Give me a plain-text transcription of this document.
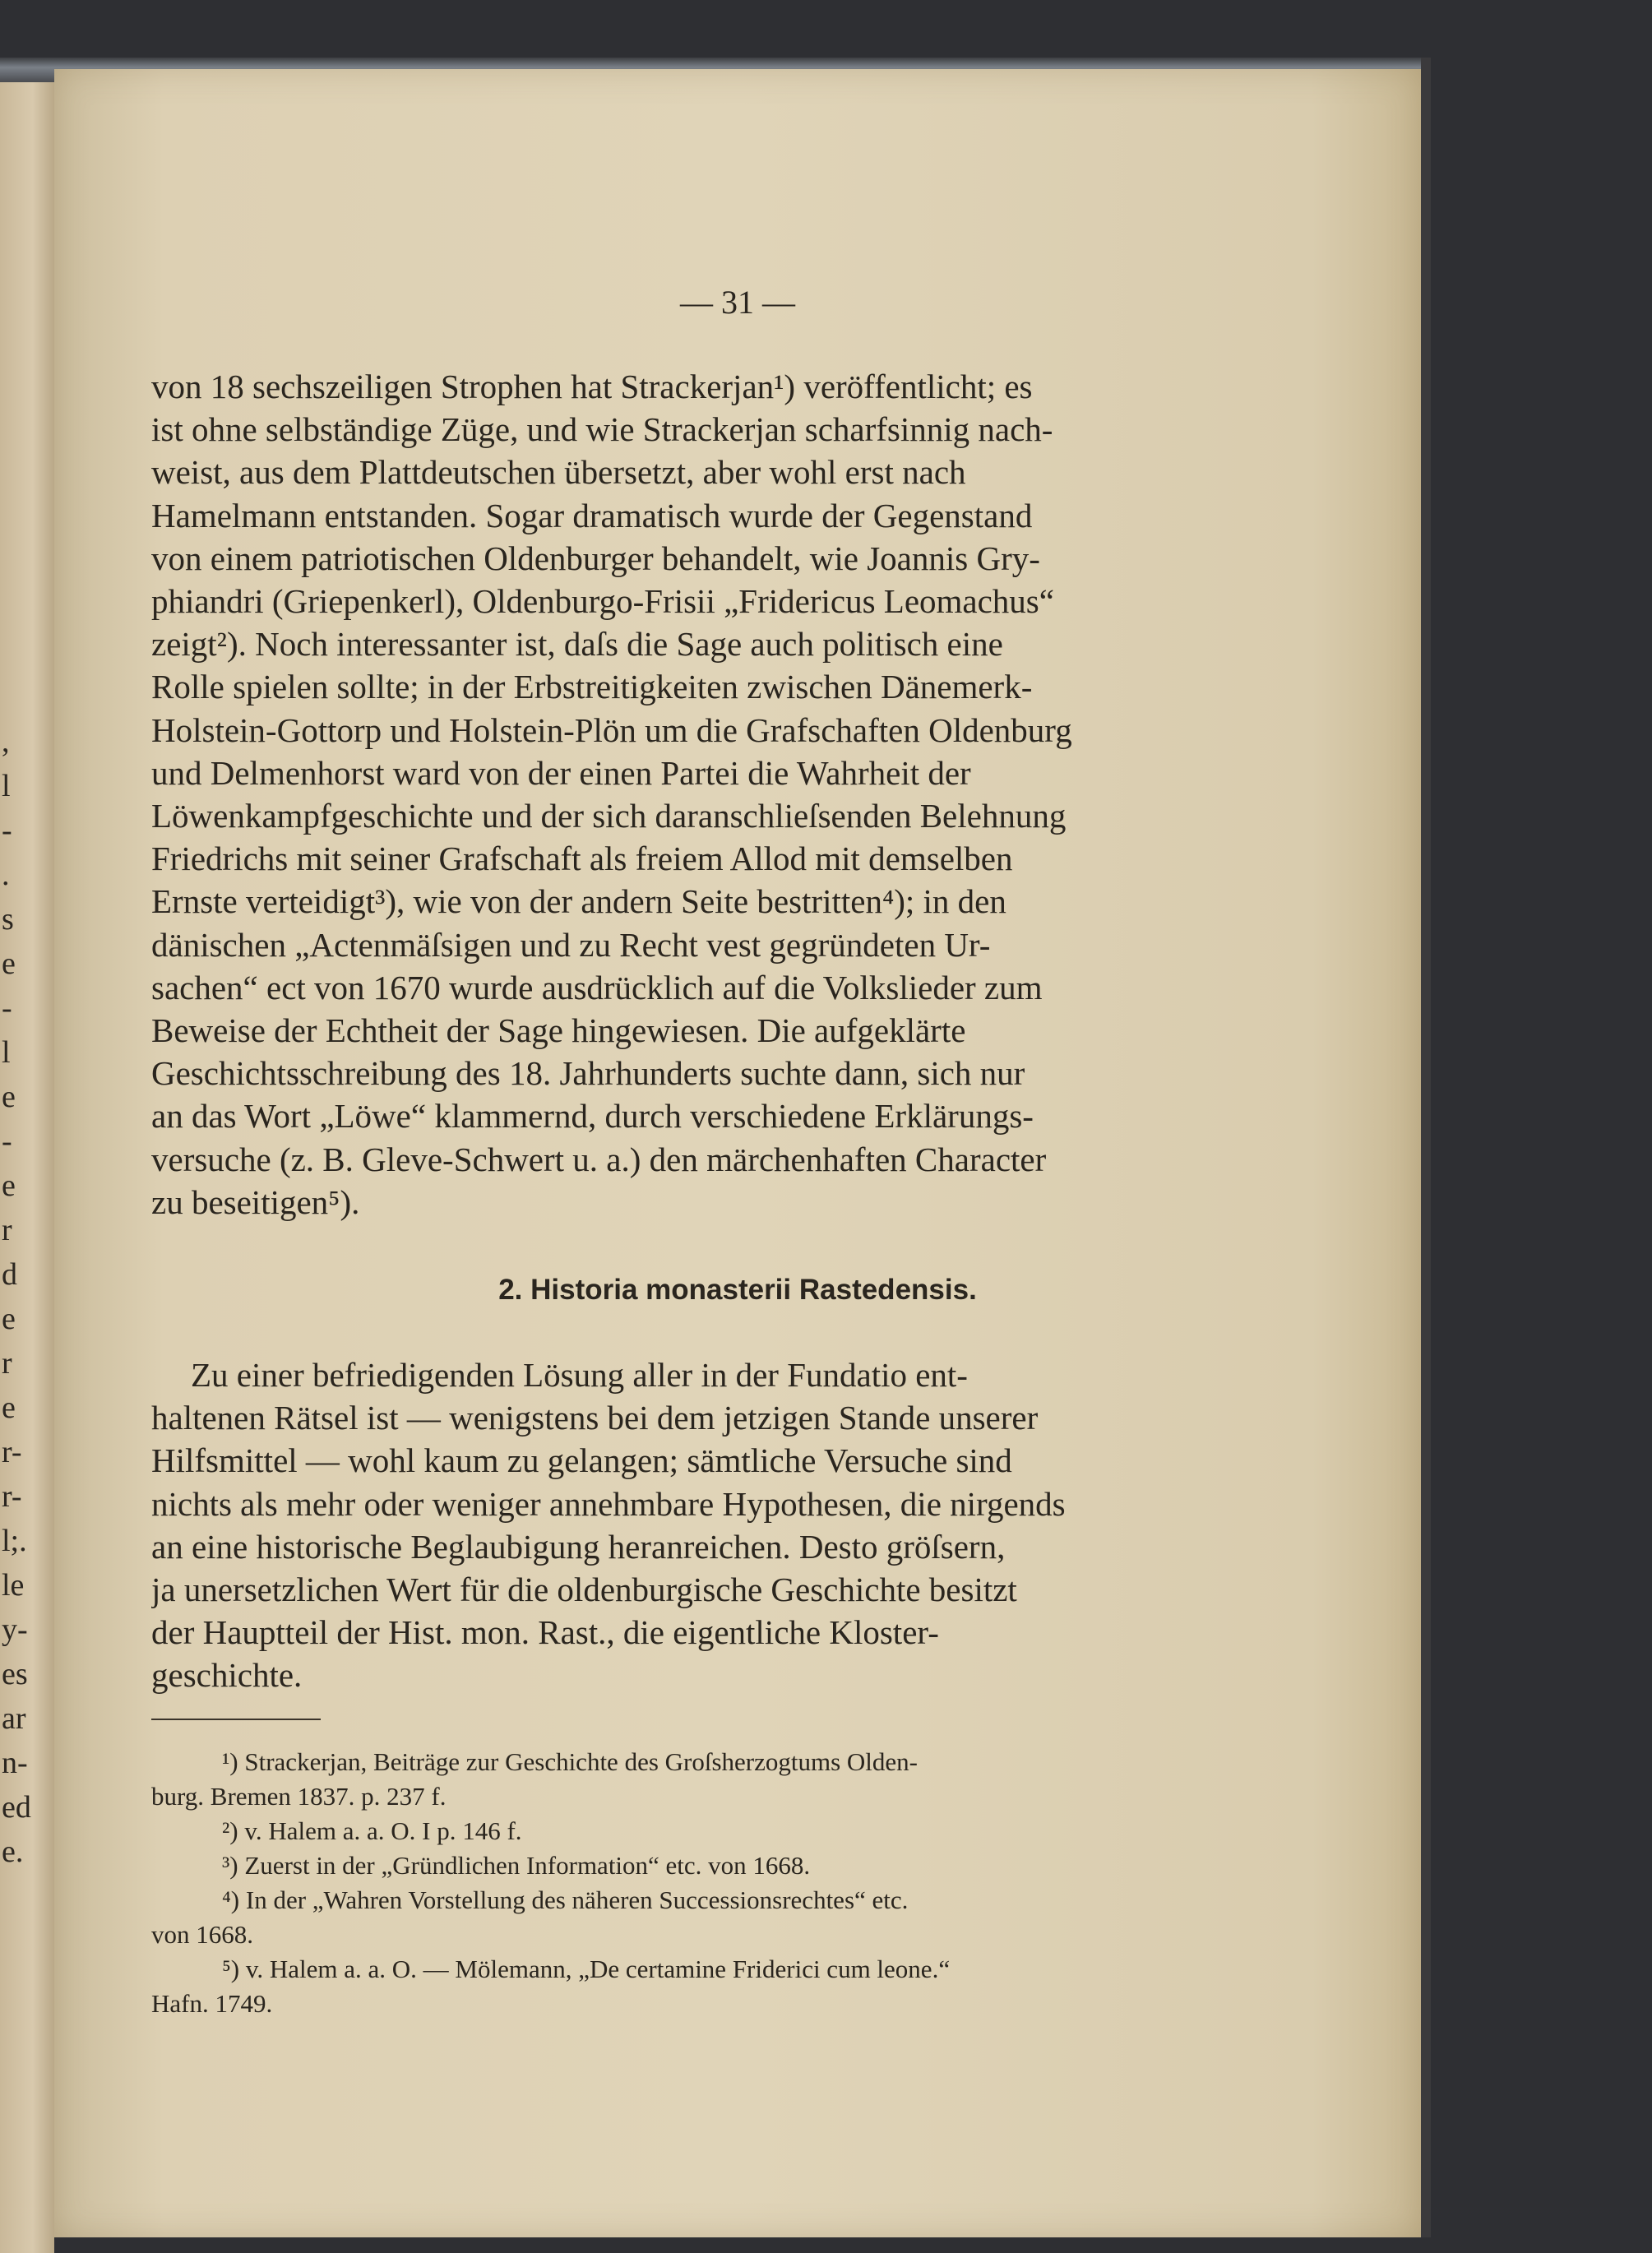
,
l
-
.
s
e
-
l
e
-
e
r
d
e
r
e
r-
r-
l;.
le
y-
es
ar
n-
ed
e.
— 31 —
von 18 sechszeiligen Strophen hat Strackerjan¹) veröffentlicht; es
ist ohne selbständige Züge, und wie Strackerjan scharfsinnig nach-
weist, aus dem Plattdeutschen übersetzt, aber wohl erst nach
Hamelmann entstanden. Sogar dramatisch wurde der Gegenstand
von einem patriotischen Oldenburger behandelt, wie Joannis Gry-
phiandri (Griepenkerl), Oldenburgo-Frisii „Fridericus Leomachus“
zeigt²). Noch interessanter ist, daſs die Sage auch politisch eine
Rolle spielen sollte; in der Erbstreitigkeiten zwischen Dänemerk-
Holstein-Gottorp und Holstein-Plön um die Grafschaften Oldenburg
und Delmenhorst ward von der einen Partei die Wahrheit der
Löwenkampfgeschichte und der sich daranschlieſsenden Belehnung
Friedrichs mit seiner Grafschaft als freiem Allod mit demselben
Ernste verteidigt³), wie von der andern Seite bestritten⁴); in den
dänischen „Actenmäſsigen und zu Recht vest gegründeten Ur-
sachen“ ect von 1670 wurde ausdrücklich auf die Volkslieder zum
Beweise der Echtheit der Sage hingewiesen. Die aufgeklärte
Geschichtsschreibung des 18. Jahrhunderts suchte dann, sich nur
an das Wort „Löwe“ klammernd, durch verschiedene Erklärungs-
versuche (z. B. Gleve-Schwert u. a.) den märchenhaften Character
zu beseitigen⁵).
2. Historia monasterii Rastedensis.
Zu einer befriedigenden Lösung aller in der Fundatio ent-
haltenen Rätsel ist — wenigstens bei dem jetzigen Stande unserer
Hilfsmittel — wohl kaum zu gelangen; sämtliche Versuche sind
nichts als mehr oder weniger annehmbare Hypothesen, die nirgends
an eine historische Beglaubigung heranreichen. Desto gröſsern,
ja unersetzlichen Wert für die oldenburgische Geschichte besitzt
der Hauptteil der Hist. mon. Rast., die eigentliche Kloster-
geschichte.
¹) Strackerjan, Beiträge zur Geschichte des Groſsherzogtums Olden-
burg. Bremen 1837. p. 237 f.
²) v. Halem a. a. O. I p. 146 f.
³) Zuerst in der „Gründlichen Information“ etc. von 1668.
⁴) In der „Wahren Vorstellung des näheren Successionsrechtes“ etc.
von 1668.
⁵) v. Halem a. a. O. — Mölemann, „De certamine Friderici cum leone.“
Hafn. 1749.
